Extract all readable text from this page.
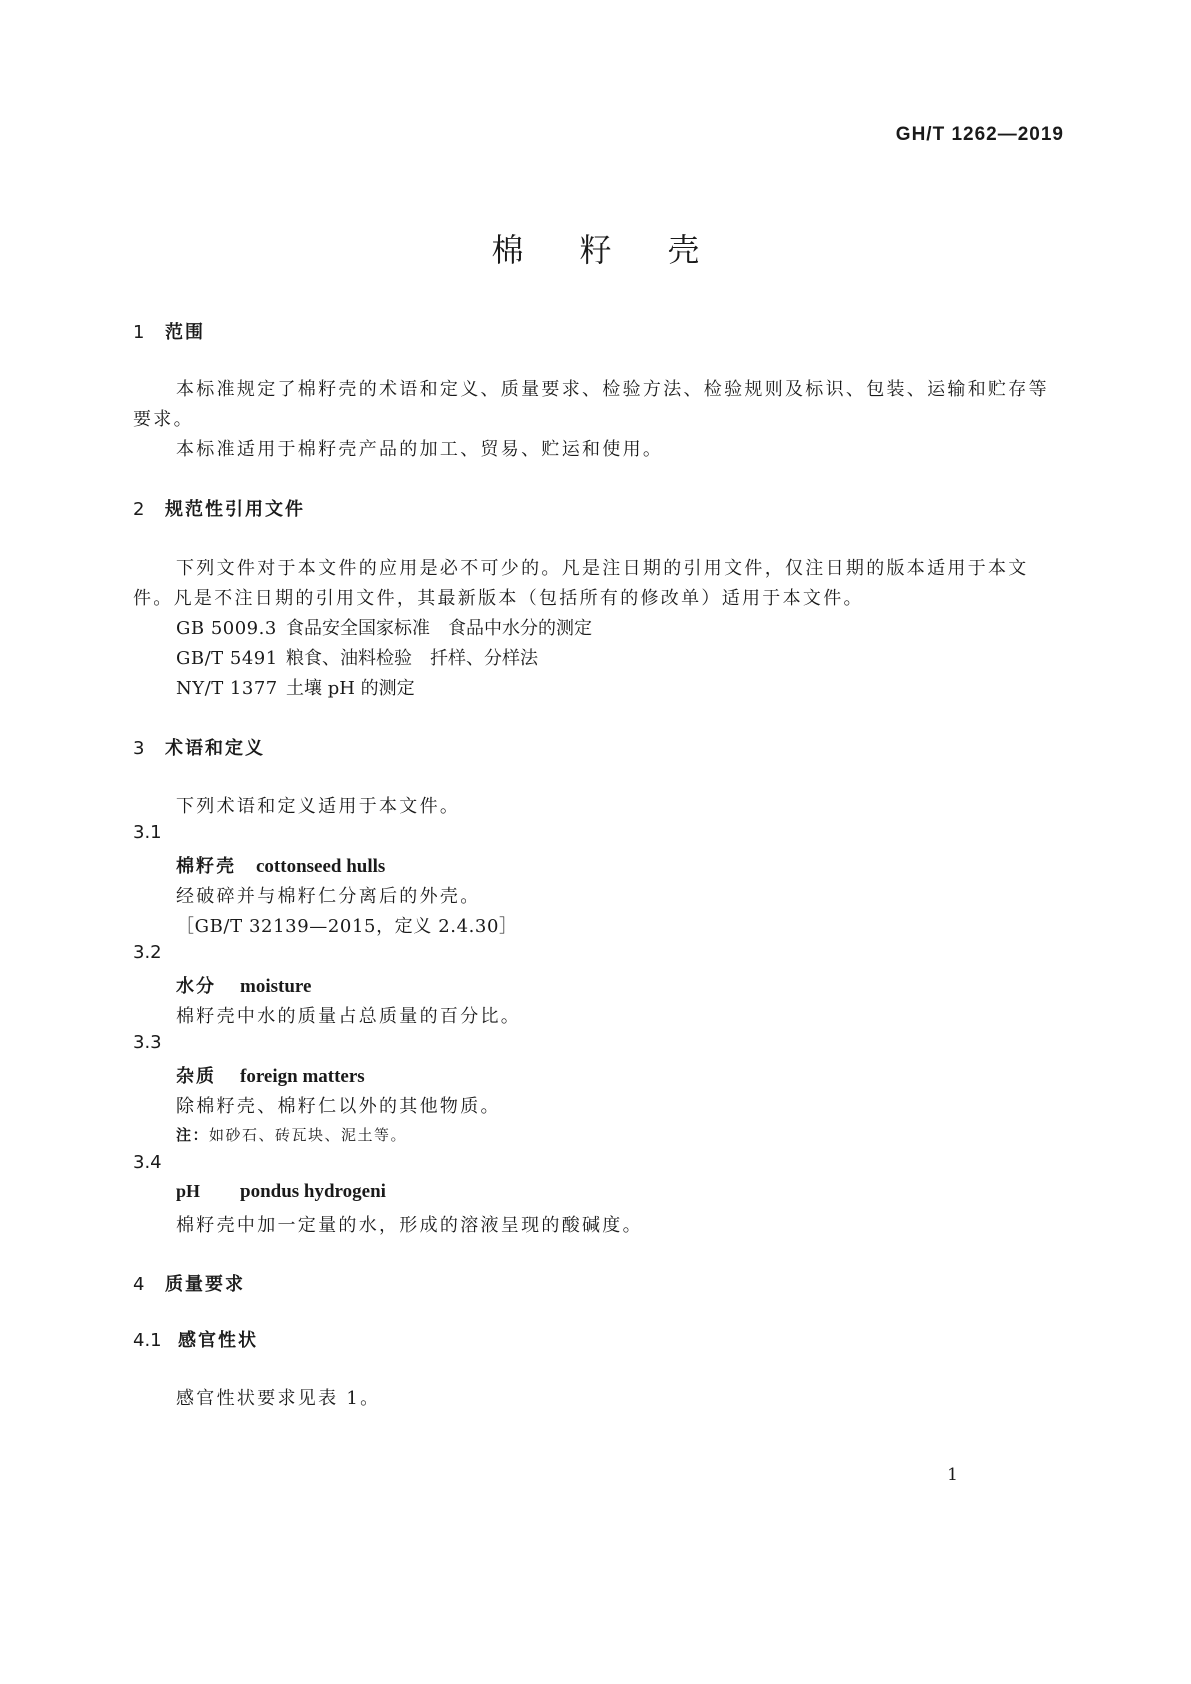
GH/T 1262—2019
棉籽壳
1 范围
本标准规定了棉籽壳的术语和定义、质量要求、检验方法、检验规则及标识、包装、运输和贮存等
要求。
本标准适用于棉籽壳产品的加工、贸易、贮运和使用。
2 规范性引用文件
下列文件对于本文件的应用是必不可少的。凡是注日期的引用文件，仅注日期的版本适用于本文
件。凡是不注日期的引用文件，其最新版本（包括所有的修改单）适用于本文件。
GB 5009.3 食品安全国家标准　食品中水分的测定
GB/T 5491 粮食、油料检验　扦样、分样法
NY/T 1377 土壤 pH 的测定
3 术语和定义
下列术语和定义适用于本文件。
3.1
棉籽壳 cottonseed hulls
经破碎并与棉籽仁分离后的外壳。
［GB/T 32139—2015，定义 2.4.30］
3.2
水分 moisture
棉籽壳中水的质量占总质量的百分比。
3.3
杂质 foreign matters
除棉籽壳、棉籽仁以外的其他物质。
注：如砂石、砖瓦块、泥土等。
3.4
pH pondus hydrogeni
棉籽壳中加一定量的水，形成的溶液呈现的酸碱度。
4 质量要求
4.1 感官性状
感官性状要求见表 1。
1
